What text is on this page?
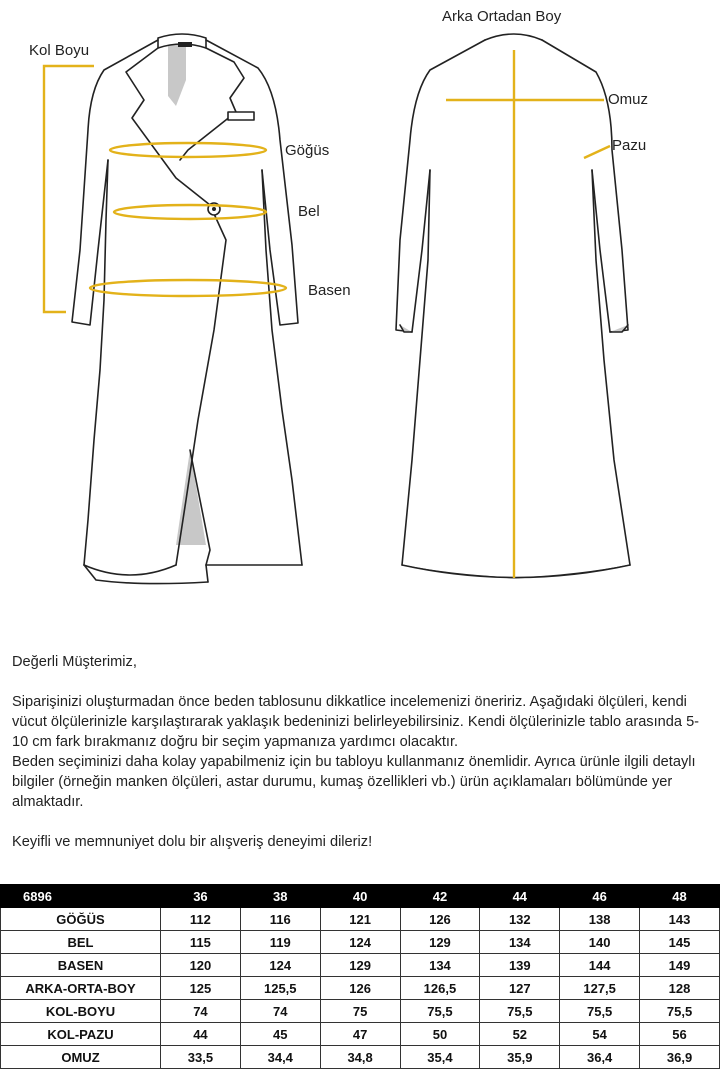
Kol Boyu
Göğüs
Bel
Basen
Arka Ortadan Boy
Omuz
Pazu

Değerli Müşterimiz,

Siparişinizi oluşturmadan önce beden tablosunu dikkatlice incelemenizi öneririz. Aşağıdaki ölçüleri, kendi vücut ölçülerinizle karşılaştırarak yaklaşık bedeninizi belirleyebilirsiniz. Kendi ölçülerinizle tablo arasında 5-10 cm fark bırakmanız doğru bir seçim yapmanıza yardımcı olacaktır.

Beden seçiminizi daha kolay yapabilmeniz için bu tabloyu kullanmanız önemlidir. Ayrıca ürünle ilgili detaylı bilgiler (örneğin manken ölçüleri, astar durumu, kumaş özellikleri vb.) ürün açıklamaları bölümünde yer almaktadır.

Keyifli ve memnuniyet dolu bir alışveriş deneyimi dileriz!

6896	36	38	40	42	44	46	48
GÖĞÜS	112	116	121	126	132	138	143
BEL	115	119	124	129	134	140	145
BASEN	120	124	129	134	139	144	149
ARKA-ORTA-BOY	125	125,5	126	126,5	127	127,5	128
KOL-BOYU	74	74	75	75,5	75,5	75,5	75,5
KOL-PAZU	44	45	47	50	52	54	56
OMUZ	33,5	34,4	34,8	35,4	35,9	36,4	36,9
